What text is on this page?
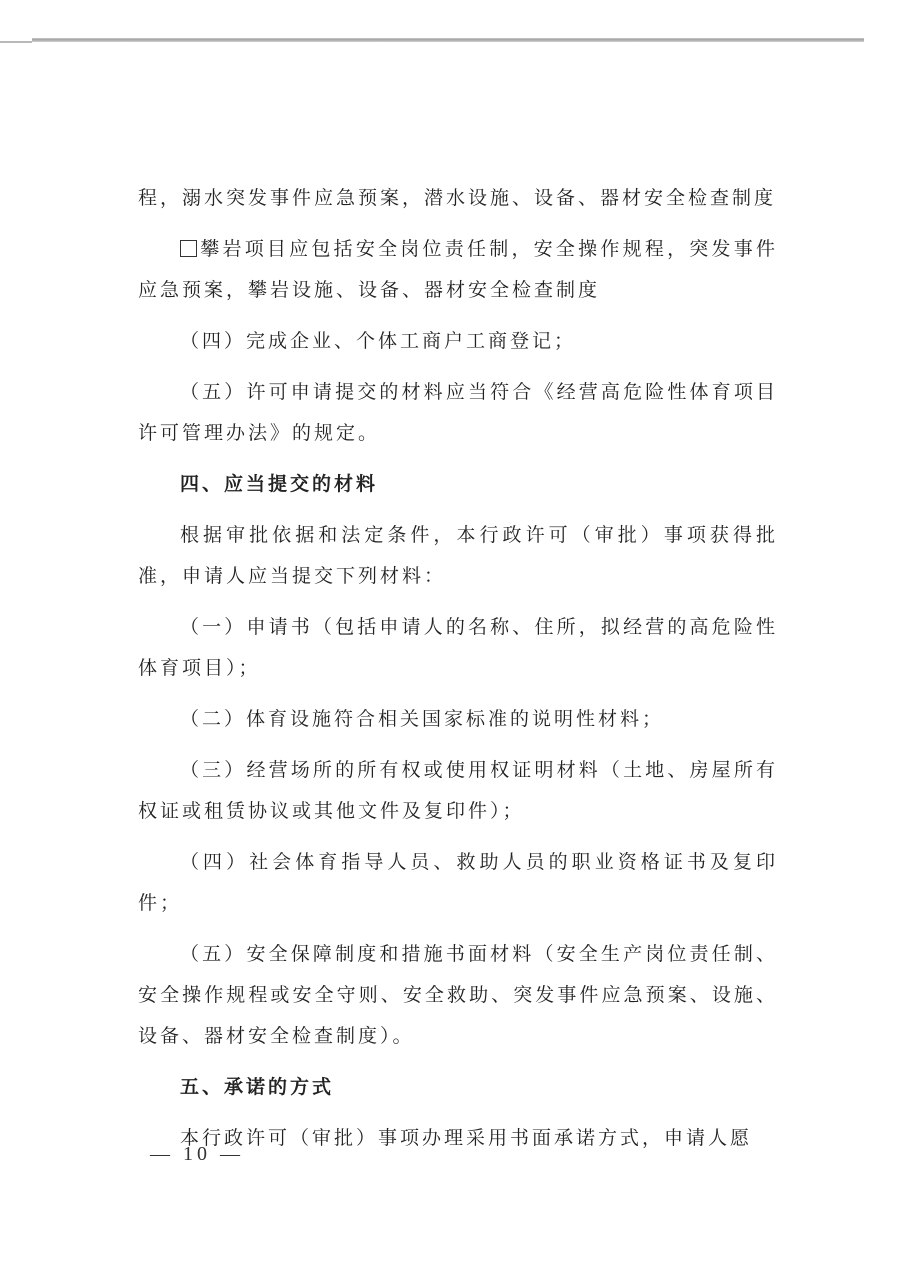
程，溺水突发事件应急预案，潜水设施、设备、器材安全检查制度

攀岩项目应包括安全岗位责任制，安全操作规程，突发事件应急预案，攀岩设施、设备、器材安全检查制度

（四）完成企业、个体工商户工商登记；

（五）许可申请提交的材料应当符合《经营高危险性体育项目许可管理办法》的规定。

四、应当提交的材料

根据审批依据和法定条件，本行政许可（审批）事项获得批准，申请人应当提交下列材料：

（一）申请书（包括申请人的名称、住所，拟经营的高危险性体育项目）；

（二）体育设施符合相关国家标准的说明性材料；

（三）经营场所的所有权或使用权证明材料（土地、房屋所有权证或租赁协议或其他文件及复印件）；

（四）社会体育指导人员、救助人员的职业资格证书及复印件；

（五）安全保障制度和措施书面材料（安全生产岗位责任制、安全操作规程或安全守则、安全救助、突发事件应急预案、设施、设备、器材安全检查制度）。

五、承诺的方式

本行政许可（审批）事项办理采用书面承诺方式，申请人愿

— 10 —
